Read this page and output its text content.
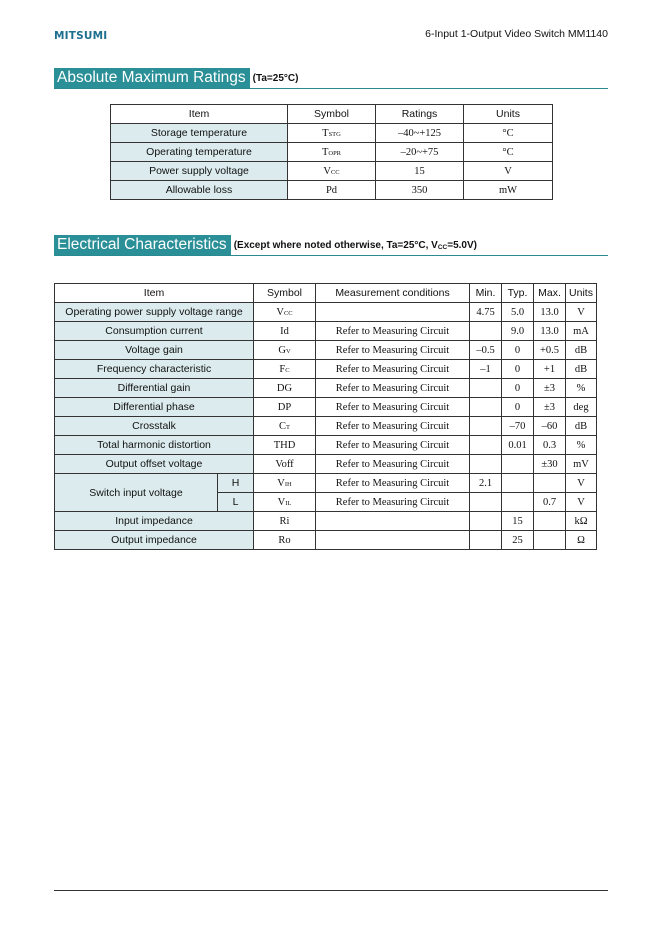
MITSUMI	6-Input 1-Output Video Switch MM1140
Absolute Maximum Ratings (Ta=25°C)
Item	Symbol	Ratings	Units
Storage temperature	TSTG	–40~+125	°C
Operating temperature	TOPR	–20~+75	°C
Power supply voltage	VCC	15	V
Allowable loss	Pd	350	mW
Electrical Characteristics (Except where noted otherwise, Ta=25°C, $V_{CC}=5.0V$)
Item		Symbol	Measurement conditions	Min.	Typ.	Max.	Units
Operating power supply voltage range		VCC		4.75	5.0	13.0	V
Consumption current		Id	Refer to Measuring Circuit		9.0	13.0	mA
Voltage gain		GV	Refer to Measuring Circuit	–0.5	0	+0.5	dB
Frequency characteristic		FC	Refer to Measuring Circuit	–1	0	+1	dB
Differential gain		DG	Refer to Measuring Circuit		0	±3	%
Differential phase		DP	Refer to Measuring Circuit		0	±3	deg
Crosstalk		CT	Refer to Measuring Circuit		–70	–60	dB
Total harmonic distortion		THD	Refer to Measuring Circuit		0.01	0.3	%
Output offset voltage		Voff	Refer to Measuring Circuit			±30	mV
Switch input voltage	H	VIH	Refer to Measuring Circuit	2.1			V
	L	VIL	Refer to Measuring Circuit			0.7	V
Input impedance		Ri			15		kΩ
Output impedance		Ro			25		Ω
